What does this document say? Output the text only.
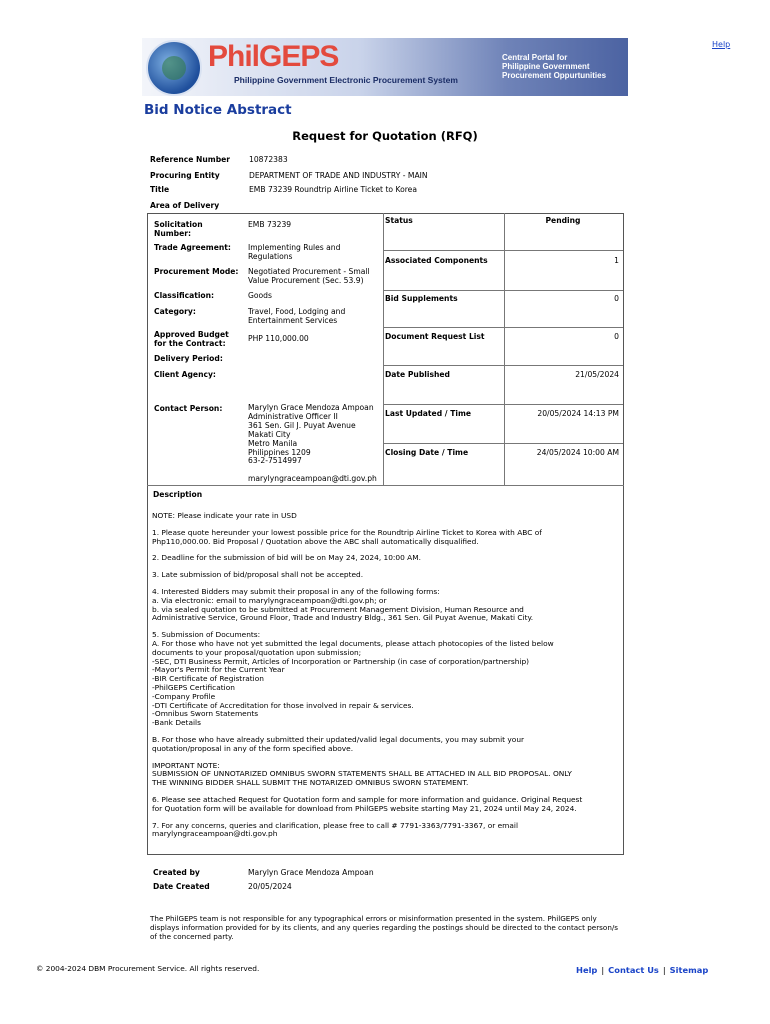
Help
PhilGEPS
Philippine Government Electronic Procurement System
Central Portal for
Philippine Government
Procurement Oppurtunities
Bid Notice Abstract
Request for Quotation (RFQ)
Reference Number 10872383
Procuring Entity	DEPARTMENT OF TRADE AND INDUSTRY - MAIN
Title	EMB 73239 Roundtrip Airline Ticket to Korea
Area of Delivery
Solicitation
Number:
EMB 73239
Trade Agreement: Implementing Rules and
Regulations
Procurement Mode: Negotiated Procurement - Small
Value Procurement (Sec. 53.9)
Classification:	Goods
Category:	Travel, Food, Lodging and
Entertainment Services
Approved Budget
for the Contract:
PHP 110,000.00
Delivery Period:
Client Agency:
Contact Person:	Marylyn Grace Mendoza Ampoan
Administrative Officer II
361 Sen. Gil J. Puyat Avenue
Makati City
Metro Manila
Philippines 1209
63-2-7514997

marylyngraceampoan@dti.gov.ph
Status	Pending
Associated Components	1
Bid Supplements	0
Document Request List	0
Date Published	21/05/2024
Last Updated / Time	20/05/2024 14:13 PM
Closing Date / Time	24/05/2024 10:00 AM
Description

NOTE: Please indicate your rate in USD

1. Please quote hereunder your lowest possible price for the Roundtrip Airline Ticket to Korea with ABC of
Php110,000.00. Bid Proposal / Quotation above the ABC shall automatically disqualified.

2. Deadline for the submission of bid will be on May 24, 2024, 10:00 AM.

3. Late submission of bid/proposal shall not be accepted.

4. Interested Bidders may submit their proposal in any of the following forms:
a. Via electronic: email to marylyngraceampoan@dti.gov.ph; or
b. via sealed quotation to be submitted at Procurement Management Division, Human Resource and
Administrative Service, Ground Floor, Trade and Industry Bldg., 361 Sen. Gil Puyat Avenue, Makati City.

5. Submission of Documents:
A. For those who have not yet submitted the legal documents, please attach photocopies of the listed below
documents to your proposal/quotation upon submission;
-SEC, DTI Business Permit, Articles of Incorporation or Partnership (in case of corporation/partnership)
-Mayor's Permit for the Current Year
-BIR Certificate of Registration
-PhilGEPS Certification
-Company Profile
-DTI Certificate of Accreditation for those involved in repair & services.
-Omnibus Sworn Statements
-Bank Details

B. For those who have already submitted their updated/valid legal documents, you may submit your
quotation/proposal in any of the form specified above.

IMPORTANT NOTE:
SUBMISSION OF UNNOTARIZED OMNIBUS SWORN STATEMENTS SHALL BE ATTACHED IN ALL BID PROPOSAL. ONLY
THE WINNING BIDDER SHALL SUBMIT THE NOTARIZED OMNIBUS SWORN STATEMENT.

6. Please see attached Request for Quotation form and sample for more information and guidance. Original Request
for Quotation form will be available for download from PhilGEPS website starting May 21, 2024 until May 24, 2024.

7. For any concerns, queries and clarification, please free to call # 7791-3363/7791-3367, or email
marylyngraceampoan@dti.gov.ph

Created by	Marylyn Grace Mendoza Ampoan
Date Created	20/05/2024
The PhilGEPS team is not responsible for any typographical errors or misinformation presented in the system. PhilGEPS only displays information provided for by its clients, and any queries regarding the postings should be directed to the contact person/s of the concerned party.
© 2004-2024 DBM Procurement Service. All rights reserved.	Help | Contact Us | Sitemap
